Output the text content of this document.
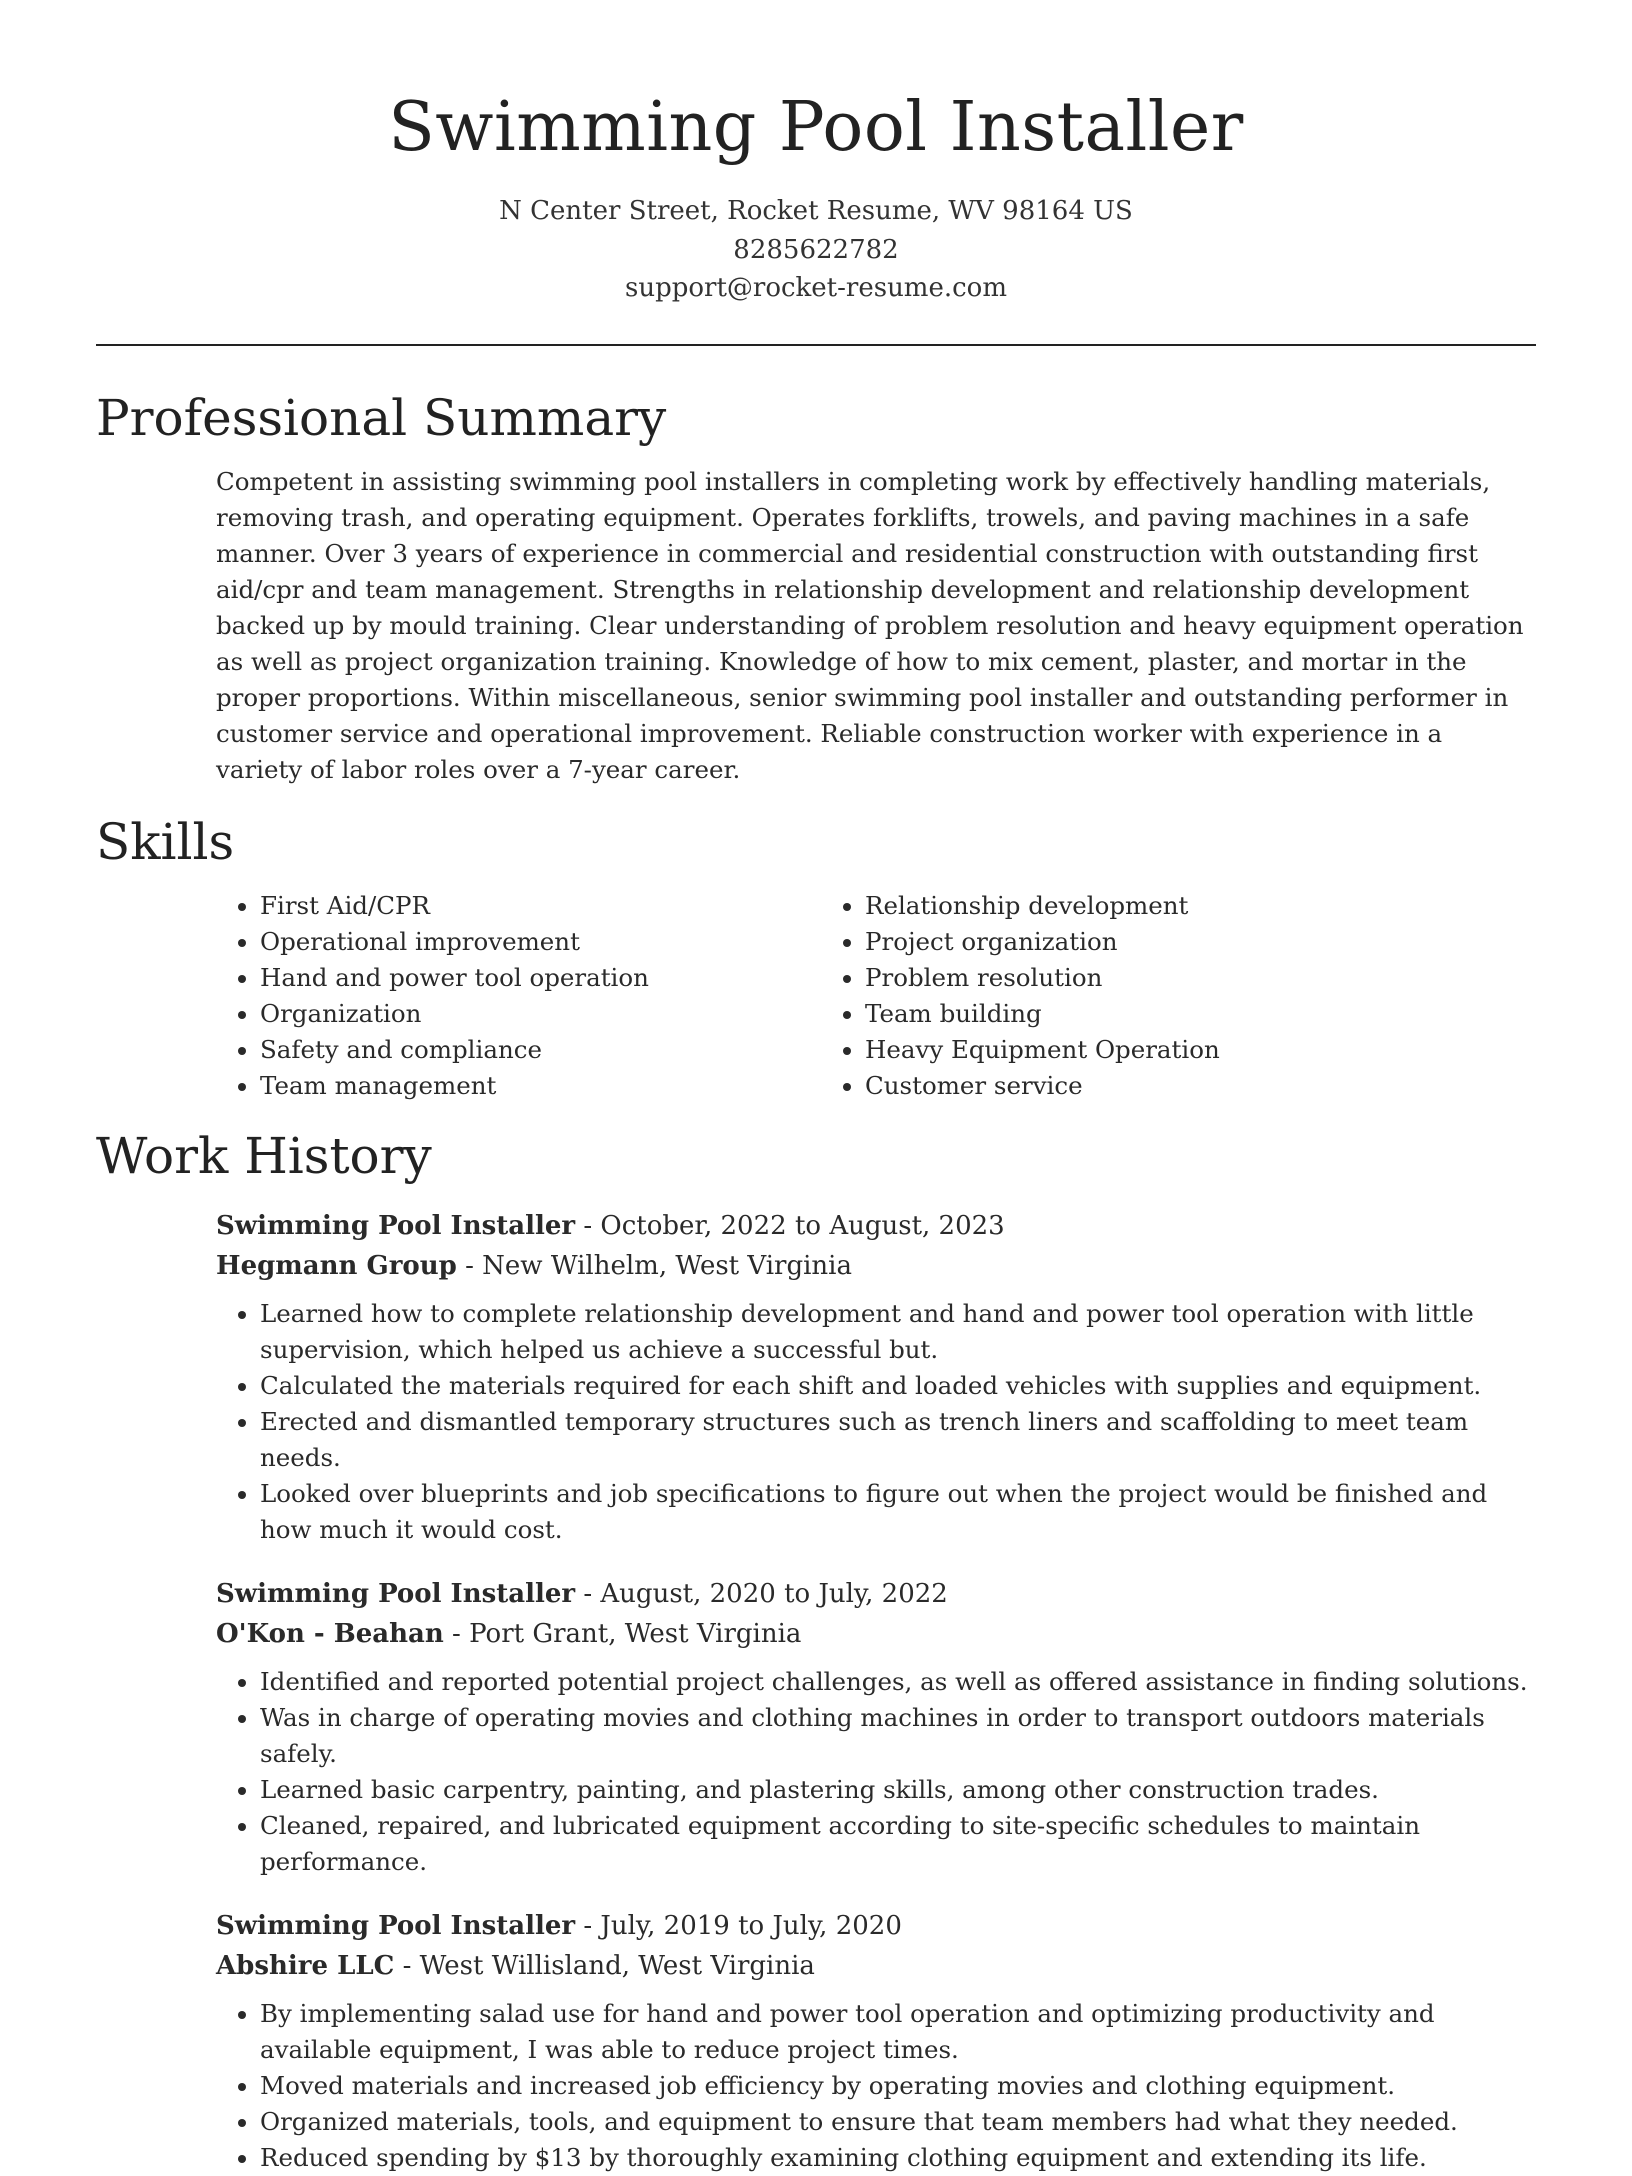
Swimming Pool Installer
N Center Street, Rocket Resume, WV 98164 US
8285622782
support@rocket-resume.com
Professional Summary

Competent in assisting swimming pool installers in completing work by effectively handling materials, removing trash, and operating equipment. Operates forklifts, trowels, and paving machines in a safe manner. Over 3 years of experience in commercial and residential construction with outstanding first aid/cpr and team management. Strengths in relationship development and relationship development backed up by mould training. Clear understanding of problem resolution and heavy equipment operation as well as project organization training. Knowledge of how to mix cement, plaster, and mortar in the proper proportions. Within miscellaneous, senior swimming pool installer and outstanding performer in customer service and operational improvement. Reliable construction worker with experience in a variety of labor roles over a 7-year career.

Skills
• First Aid/CPR
• Operational improvement
• Hand and power tool operation
• Organization
• Safety and compliance
• Team management
• Relationship development
• Project organization
• Problem resolution
• Team building
• Heavy Equipment Operation
• Customer service
Work History
Swimming Pool Installer - October, 2022 to August, 2023
Hegmann Group - New Wilhelm, West Virginia
• Learned how to complete relationship development and hand and power tool operation with little supervision, which helped us achieve a successful but.
• Calculated the materials required for each shift and loaded vehicles with supplies and equipment.
• Erected and dismantled temporary structures such as trench liners and scaffolding to meet team needs.
• Looked over blueprints and job specifications to figure out when the project would be finished and how much it would cost.
Swimming Pool Installer - August, 2020 to July, 2022
O'Kon - Beahan - Port Grant, West Virginia
• Identified and reported potential project challenges, as well as offered assistance in finding solutions.
• Was in charge of operating movies and clothing machines in order to transport outdoors materials safely.
• Learned basic carpentry, painting, and plastering skills, among other construction trades.
• Cleaned, repaired, and lubricated equipment according to site-specific schedules to maintain performance.
Swimming Pool Installer - July, 2019 to July, 2020
Abshire LLC - West Willisland, West Virginia
• By implementing salad use for hand and power tool operation and optimizing productivity and available equipment, I was able to reduce project times.
• Moved materials and increased job efficiency by operating movies and clothing equipment.
• Organized materials, tools, and equipment to ensure that team members had what they needed.
• Reduced spending by $13 by thoroughly examining clothing equipment and extending its life.
